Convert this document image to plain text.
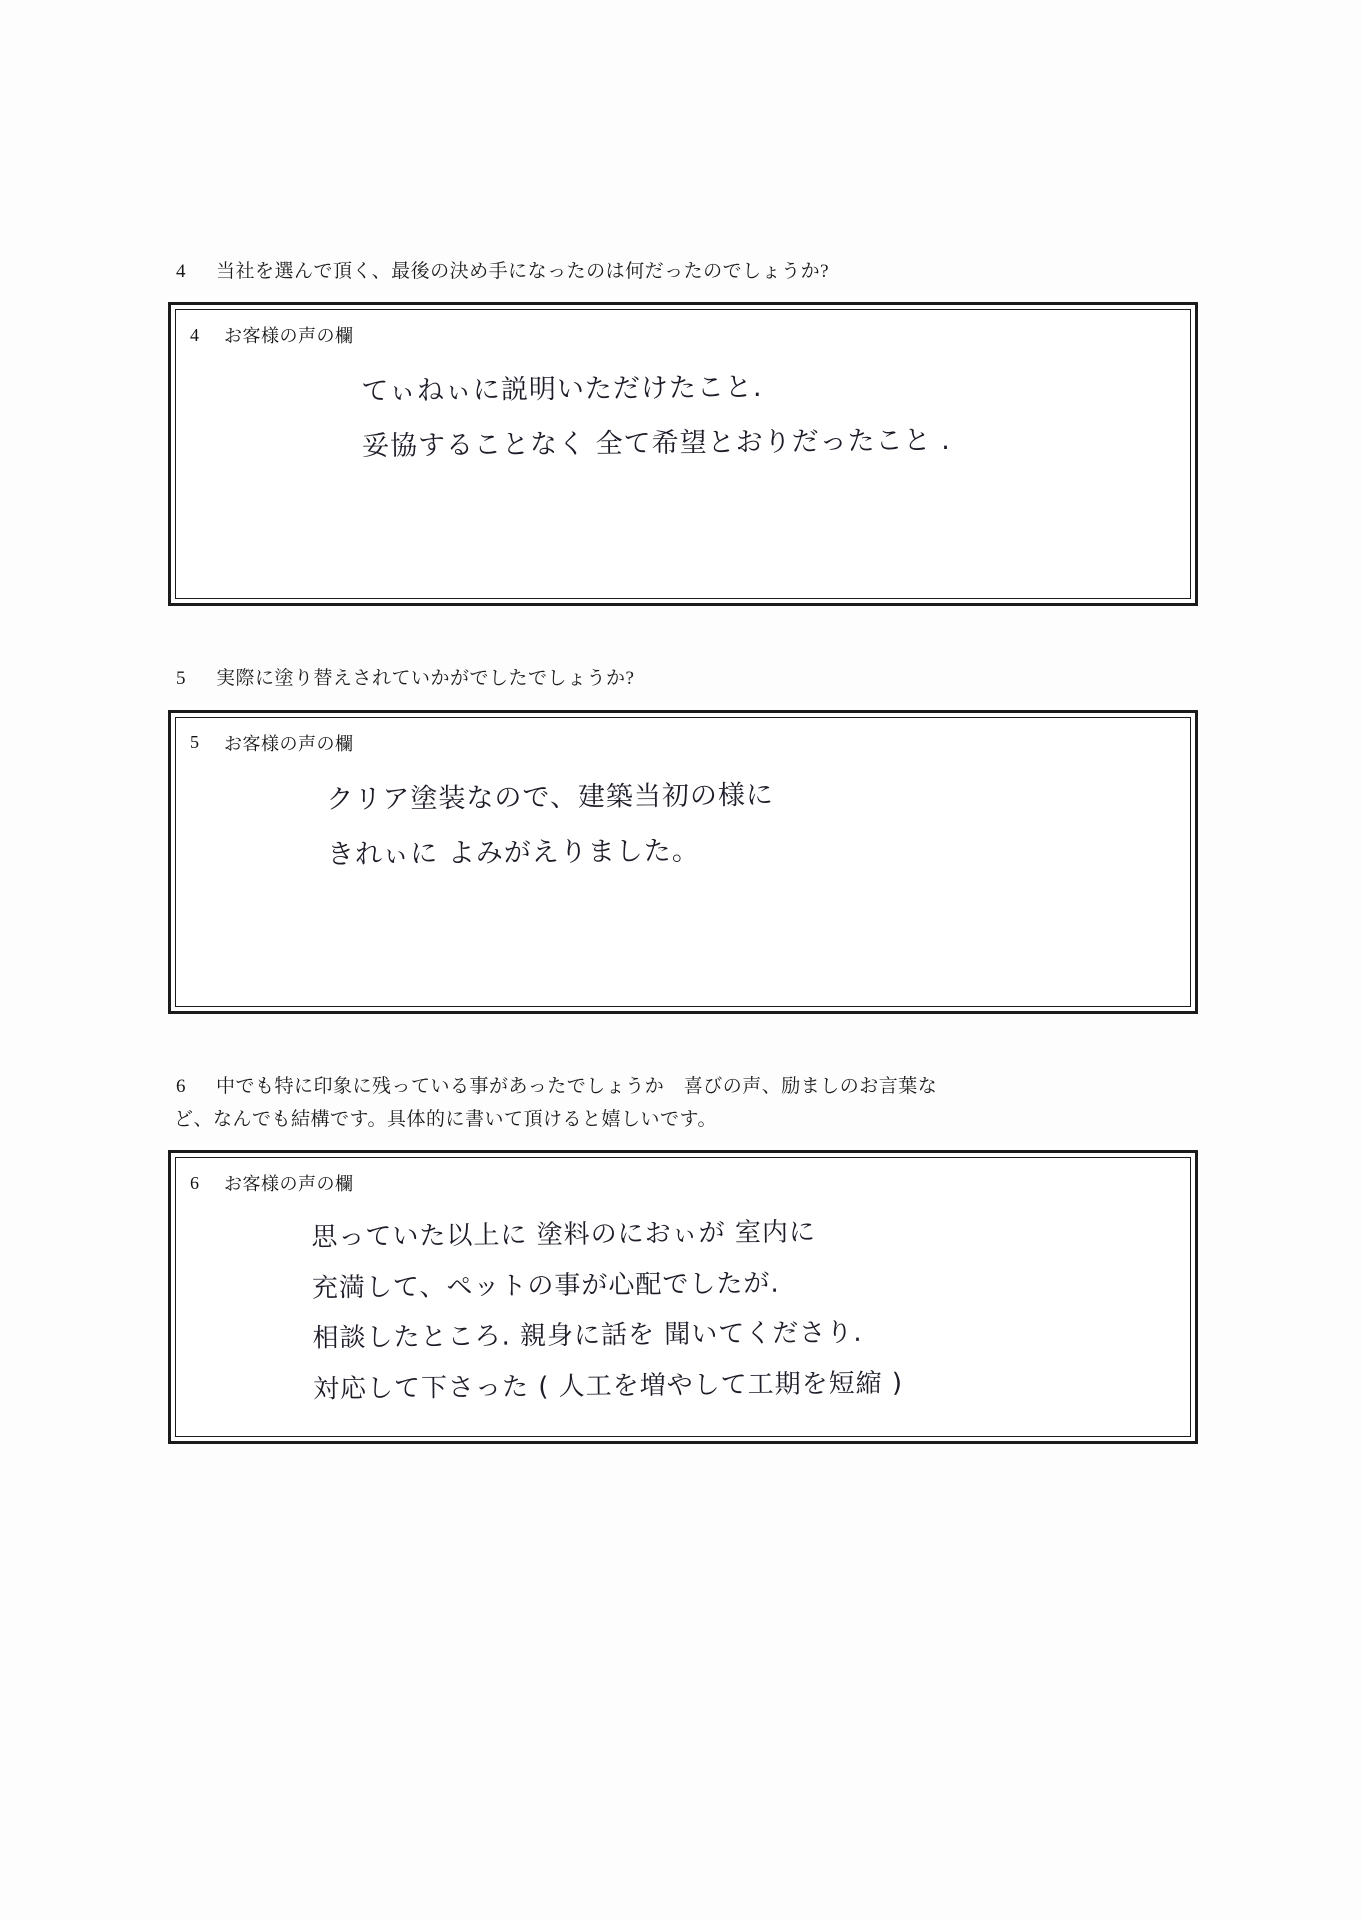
4	当社を選んで頂く、最後の決め手になったのは何だったのでしょうか?
4	お客様の声の欄
てぃねぃに説明いただけたこと.
妥協することなく 全て希望とおりだったこと .
5	実際に塗り替えされていかがでしたでしょうか?
5	お客様の声の欄
クリア塗装なので、建築当初の様に
きれぃに よみがえりました。
6	中でも特に印象に残っている事があったでしょうか　喜びの声、励ましのお言葉な
ど、なんでも結構です。具体的に書いて頂けると嬉しいです。
6	お客様の声の欄
思っていた以上に 塗料のにおぃが 室内に
充満して、ペットの事が心配でしたが.
相談したところ. 親身に話を 聞いてくださり.
対応して下さった ( 人工を増やして工期を短縮 )
